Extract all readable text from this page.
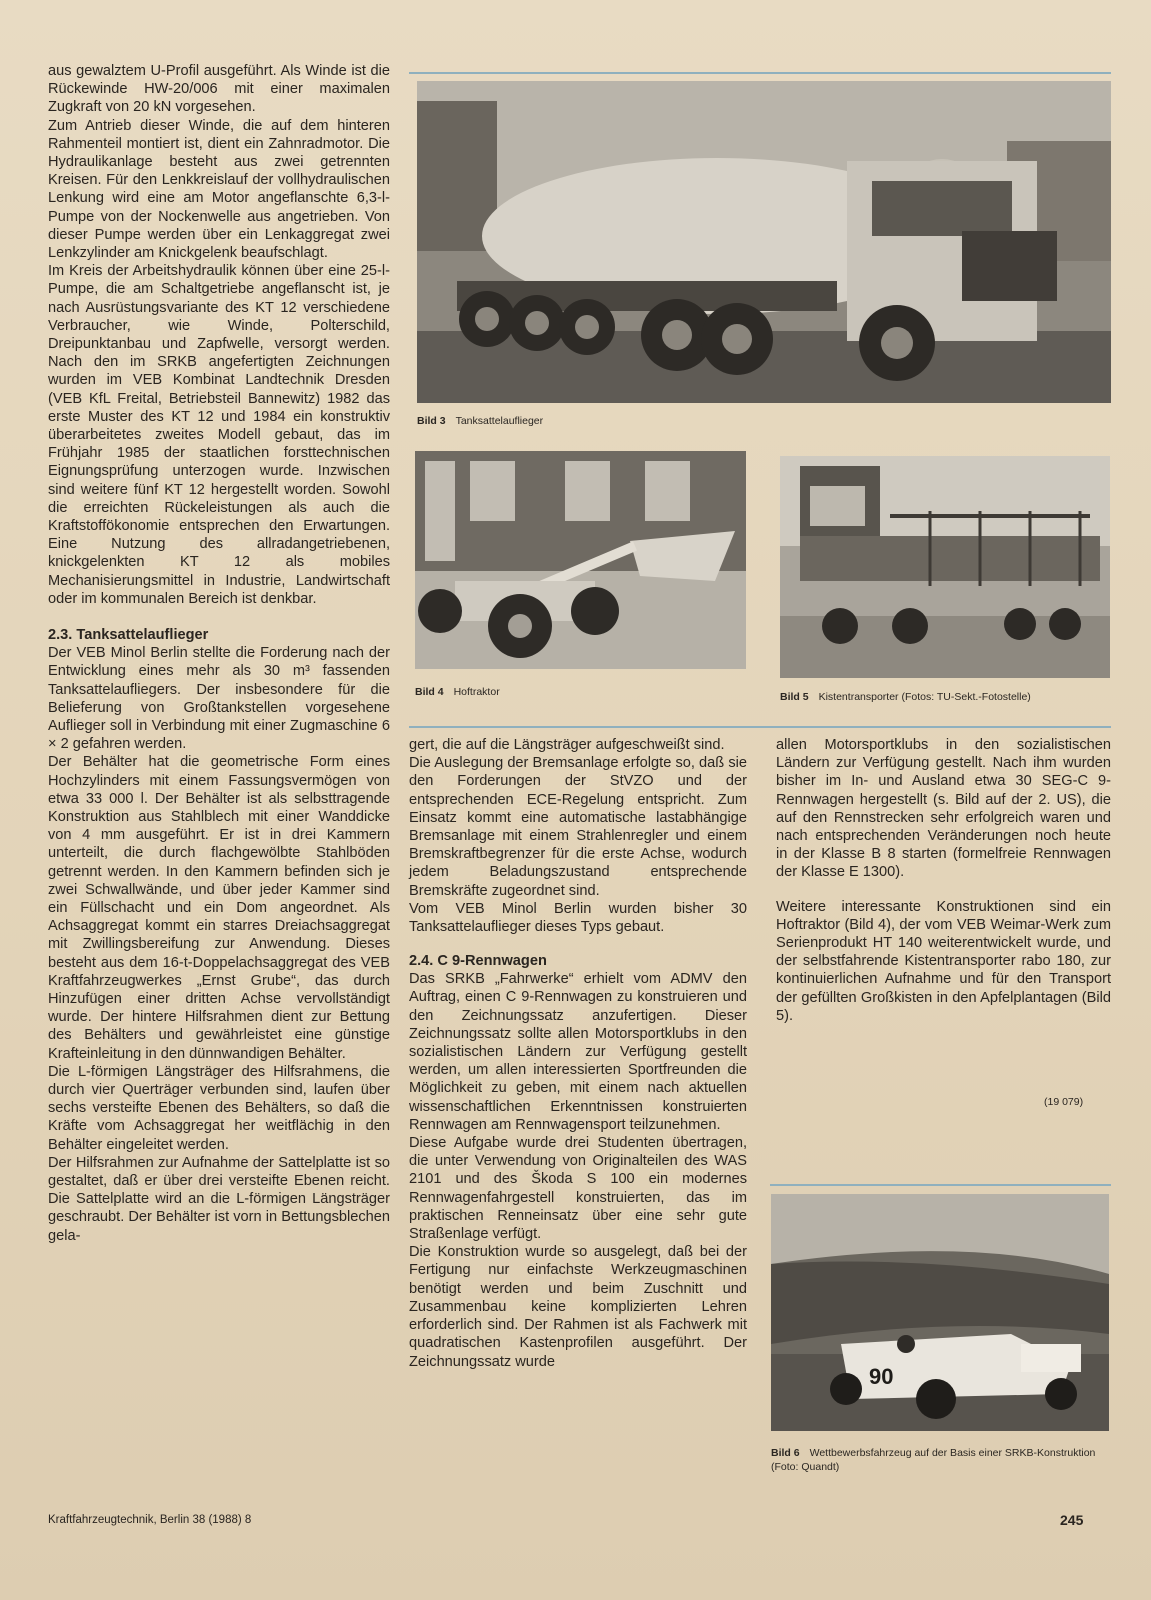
aus gewalztem U-Profil ausgeführt. Als Winde ist die Rückewinde HW-20/006 mit einer maximalen Zugkraft von 20 kN vorgesehen.

Zum Antrieb dieser Winde, die auf dem hinteren Rahmenteil montiert ist, dient ein Zahnradmotor. Die Hydraulikanlage besteht aus zwei getrennten Kreisen. Für den Lenkkreislauf der vollhydraulischen Lenkung wird eine am Motor angeflanschte 6,3-l-Pumpe von der Nockenwelle aus angetrieben. Von dieser Pumpe werden über ein Lenkaggregat zwei Lenkzylinder am Knickgelenk beaufschlagt.

Im Kreis der Arbeitshydraulik können über eine 25-l-Pumpe, die am Schaltgetriebe angeflanscht ist, je nach Ausrüstungsvariante des KT 12 verschiedene Verbraucher, wie Winde, Polterschild, Dreipunktanbau und Zapfwelle, versorgt werden. Nach den im SRKB angefertigten Zeichnungen wurden im VEB Kombinat Landtechnik Dresden (VEB KfL Freital, Betriebsteil Bannewitz) 1982 das erste Muster des KT 12 und 1984 ein konstruktiv überarbeitetes zweites Modell gebaut, das im Frühjahr 1985 der staatlichen forsttechnischen Eignungsprüfung unterzogen wurde. Inzwischen sind weitere fünf KT 12 hergestellt worden. Sowohl die erreichten Rückeleistungen als auch die Kraftstoffökonomie entsprechen den Erwartungen. Eine Nutzung des allradangetriebenen, knickgelenkten KT 12 als mobiles Mechanisierungsmittel in Industrie, Landwirtschaft oder im kommunalen Bereich ist denkbar.

2.3. Tanksattelauflieger

Der VEB Minol Berlin stellte die Forderung nach der Entwicklung eines mehr als 30 m³ fassenden Tanksattelaufliegers. Der insbesondere für die Belieferung von Großtankstellen vorgesehene Auflieger soll in Verbindung mit einer Zugmaschine 6 × 2 gefahren werden.

Der Behälter hat die geometrische Form eines Hochzylinders mit einem Fassungsvermögen von etwa 33 000 l. Der Behälter ist als selbsttragende Konstruktion aus Stahlblech mit einer Wanddicke von 4 mm ausgeführt. Er ist in drei Kammern unterteilt, die durch flachgewölbte Stahlböden getrennt werden. In den Kammern befinden sich je zwei Schwallwände, und über jeder Kammer sind ein Füllschacht und ein Dom angeordnet. Als Achsaggregat kommt ein starres Dreiachsaggregat mit Zwillingsbereifung zur Anwendung. Dieses besteht aus dem 16-t-Doppelachsaggregat des VEB Kraftfahrzeugwerkes „Ernst Grube“, das durch Hinzufügen einer dritten Achse vervollständigt wurde. Der hintere Hilfsrahmen dient zur Bettung des Behälters und gewährleistet eine günstige Krafteinleitung in den dünnwandigen Behälter.

Die L-förmigen Längsträger des Hilfsrahmens, die durch vier Querträger verbunden sind, laufen über sechs versteifte Ebenen des Behälters, so daß die Kräfte vom Achsaggregat her weitflächig in den Behälter eingeleitet werden.

Der Hilfsrahmen zur Aufnahme der Sattelplatte ist so gestaltet, daß er über drei versteifte Ebenen reicht. Die Sattelplatte wird an die L-förmigen Längsträger geschraubt. Der Behälter ist vorn in Bettungsblechen gela-

Bild 3 Tanksattelauflieger
Bild 4 Hoftraktor	Bild 5 Kistentransporter (Fotos: TU-Sekt.-Fotostelle)

gert, die auf die Längsträger aufgeschweißt sind.

Die Auslegung der Bremsanlage erfolgte so, daß sie den Forderungen der StVZO und der entsprechenden ECE-Regelung entspricht. Zum Einsatz kommt eine automatische lastabhängige Bremsanlage mit einem Strahlenregler und einem Bremskraftbegrenzer für die erste Achse, wodurch jedem Beladungszustand entsprechende Bremskräfte zugeordnet sind.

Vom VEB Minol Berlin wurden bisher 30 Tanksattelauflieger dieses Typs gebaut.

2.4. C 9-Rennwagen

Das SRKB „Fahrwerke“ erhielt vom ADMV den Auftrag, einen C 9-Rennwagen zu konstruieren und den Zeichnungssatz anzufertigen. Dieser Zeichnungssatz sollte allen Motorsportklubs in den sozialistischen Ländern zur Verfügung gestellt werden, um allen interessierten Sportfreunden die Möglichkeit zu geben, mit einem nach aktuellen wissenschaftlichen Erkenntnissen konstruierten Rennwagen am Rennwagensport teilzunehmen.

Diese Aufgabe wurde drei Studenten übertragen, die unter Verwendung von Originalteilen des WAS 2101 und des Škoda S 100 ein modernes Rennwagenfahrgestell konstruierten, das im praktischen Renneinsatz über eine sehr gute Straßenlage verfügt.

Die Konstruktion wurde so ausgelegt, daß bei der Fertigung nur einfachste Werkzeugmaschinen benötigt werden und beim Zuschnitt und Zusammenbau keine komplizierten Lehren erforderlich sind. Der Rahmen ist als Fachwerk mit quadratischen Kastenprofilen ausgeführt. Der Zeichnungssatz wurde

allen Motorsportklubs in den sozialistischen Ländern zur Verfügung gestellt. Nach ihm wurden bisher im In- und Ausland etwa 30 SEG-C 9-Rennwagen hergestellt (s. Bild auf der 2. US), die auf den Rennstrecken sehr erfolgreich waren und nach entsprechenden Veränderungen noch heute in der Klasse B 8 starten (formelfreie Rennwagen der Klasse E 1300).

Weitere interessante Konstruktionen sind ein Hoftraktor (Bild 4), der vom VEB Weimar-Werk zum Serienprodukt HT 140 weiterentwickelt wurde, und der selbstfahrende Kistentransporter rabo 180, zur kontinuierlichen Aufnahme und für den Transport der gefüllten Großkisten in den Apfelplantagen (Bild 5).

(19 079)
90
Bild 6 Wettbewerbsfahrzeug auf der Basis einer SRKB-Konstruktion (Foto: Quandt)
Kraftfahrzeugtechnik, Berlin 38 (1988) 8	245
